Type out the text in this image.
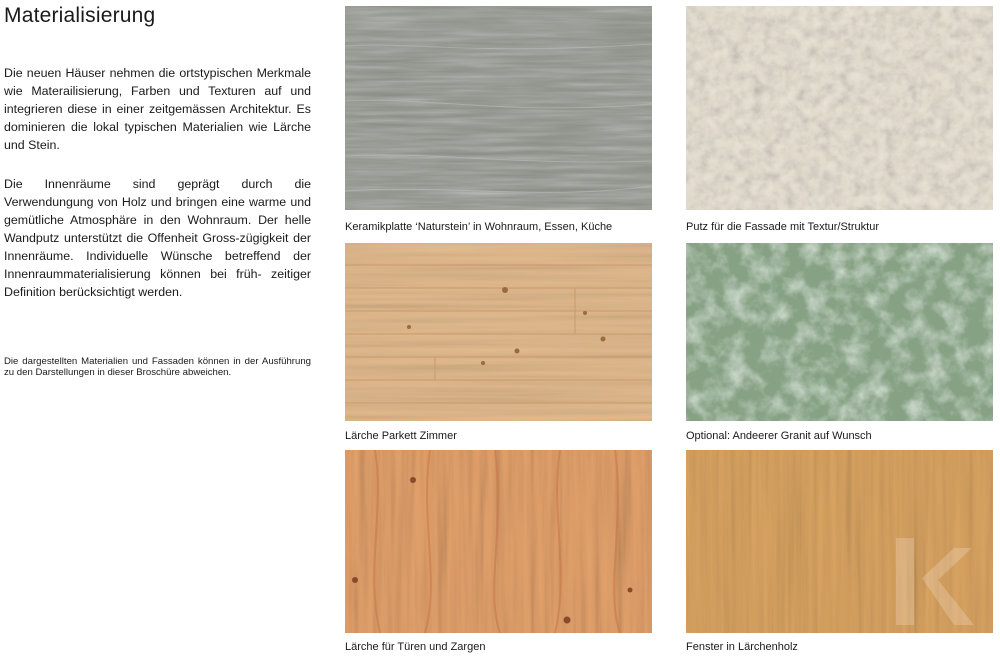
Materialisierung

Die neuen Häuser nehmen die ortstypischen Merkmale wie Materailisierung, Farben und Texturen auf und integrieren diese in einer zeitgemässen Architektur. Es dominieren die lokal typischen Materialien wie Lärche und Stein.

Die Innenräume sind geprägt durch die Verwendungung von Holz und bringen eine warme und gemütliche Atmosphäre in den Wohnraum. Der helle Wandputz unterstützt die Offenheit Gross-zügigkeit der Innenräume. Individuelle Wünsche betreffend der Innenraummaterialisierung können bei früh- zeitiger Definition berücksichtigt werden.

Die dargestellten Materialien und Fassaden können in der Ausführung zu den Darstellungen in dieser Broschüre abweichen.

Keramikplatte ‘Naturstein’ in Wohnraum, Essen, Küche	Putz für die Fassade mit Textur/Struktur
Lärche Parkett Zimmer	Optional: Andeerer Granit auf Wunsch
Lärche für Türen und Zargen	Fenster in Lärchenholz
